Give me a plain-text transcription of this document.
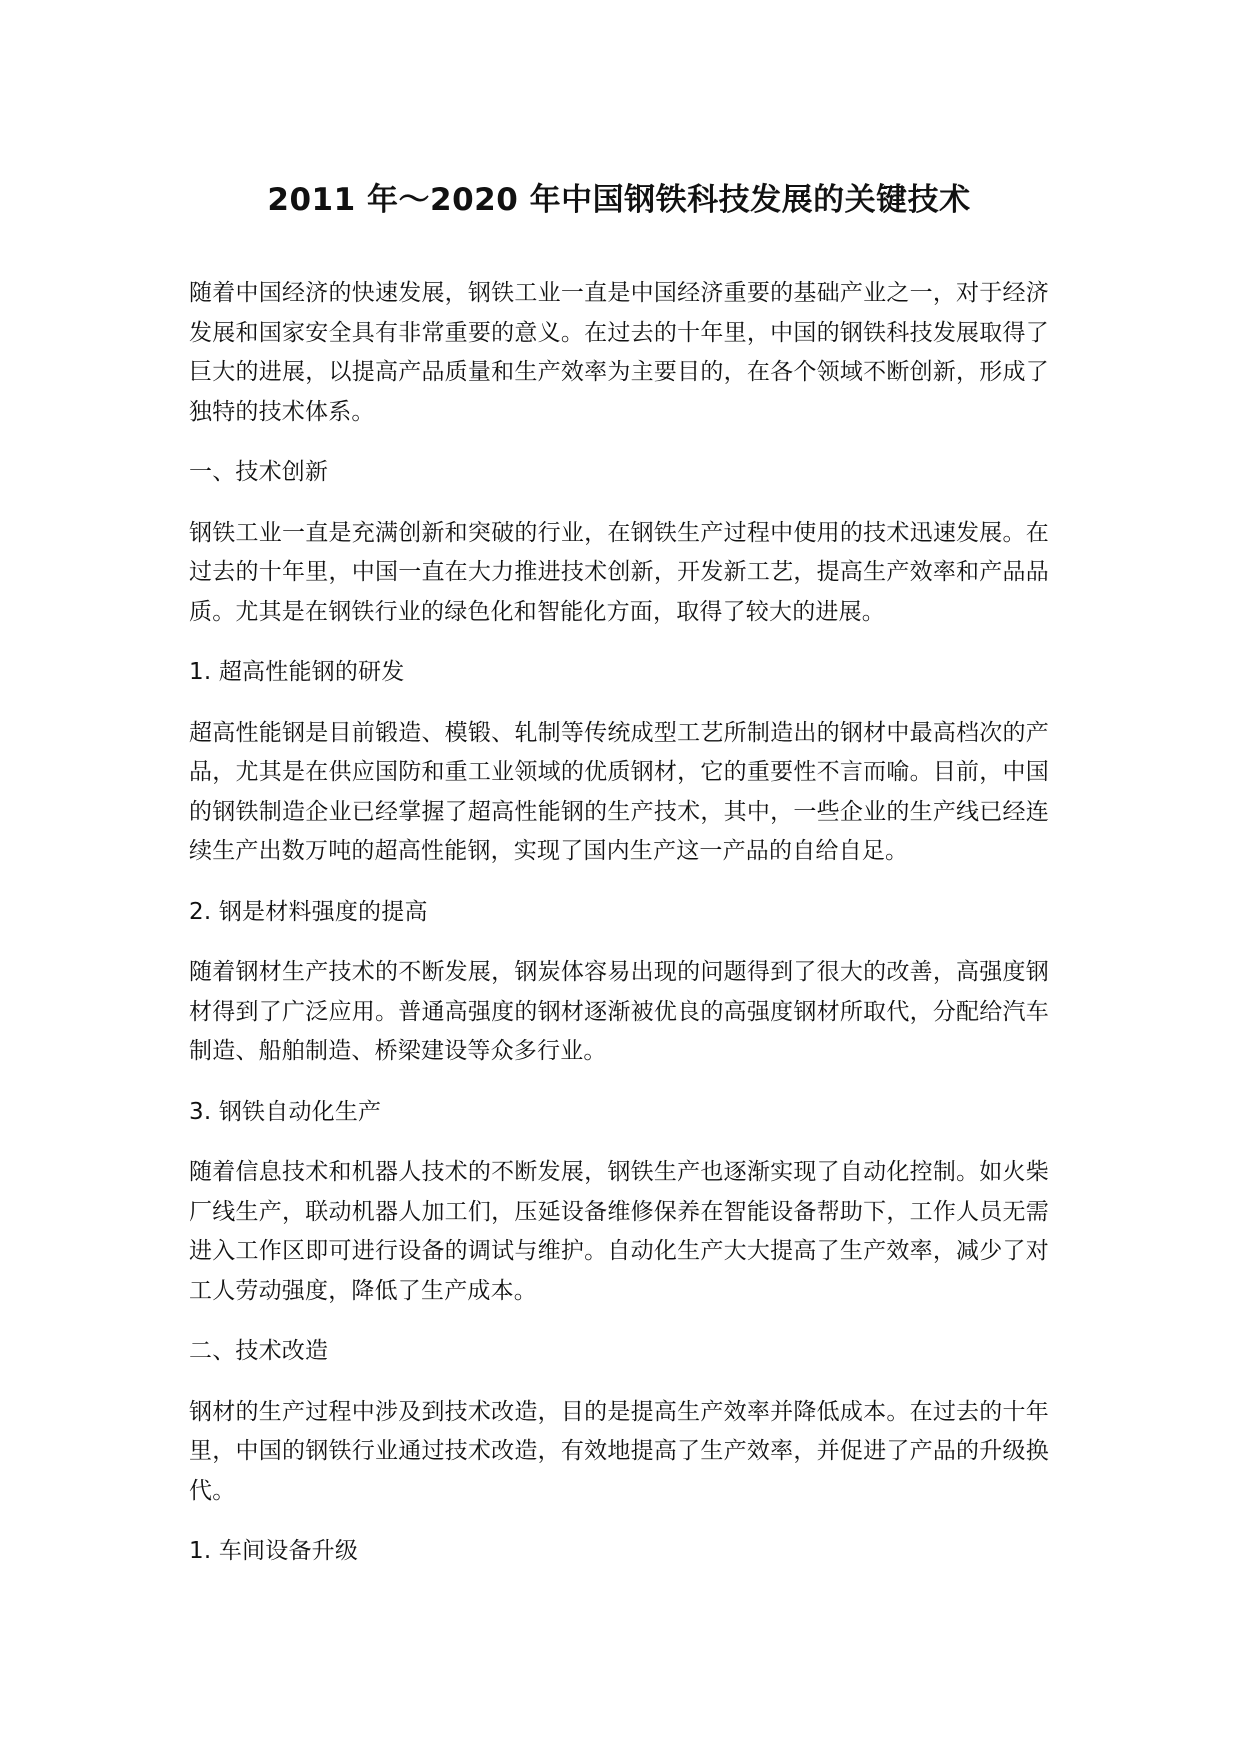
2011 年～2020 年中国钢铁科技发展的关键技术

随着中国经济的快速发展，钢铁工业一直是中国经济重要的基础产业之一，对于经济发展和国家安全具有非常重要的意义。在过去的十年里，中国的钢铁科技发展取得了巨大的进展，以提高产品质量和生产效率为主要目的，在各个领域不断创新，形成了独特的技术体系。

一、技术创新

钢铁工业一直是充满创新和突破的行业，在钢铁生产过程中使用的技术迅速发展。在过去的十年里，中国一直在大力推进技术创新，开发新工艺，提高生产效率和产品品质。尤其是在钢铁行业的绿色化和智能化方面，取得了较大的进展。

1. 超高性能钢的研发

超高性能钢是目前锻造、模锻、轧制等传统成型工艺所制造出的钢材中最高档次的产品，尤其是在供应国防和重工业领域的优质钢材，它的重要性不言而喻。目前，中国的钢铁制造企业已经掌握了超高性能钢的生产技术，其中，一些企业的生产线已经连续生产出数万吨的超高性能钢，实现了国内生产这一产品的自给自足。

2. 钢是材料强度的提高

随着钢材生产技术的不断发展，钢炭体容易出现的问题得到了很大的改善，高强度钢材得到了广泛应用。普通高强度的钢材逐渐被优良的高强度钢材所取代，分配给汽车制造、船舶制造、桥梁建设等众多行业。

3. 钢铁自动化生产

随着信息技术和机器人技术的不断发展，钢铁生产也逐渐实现了自动化控制。如火柴厂线生产，联动机器人加工们，压延设备维修保养在智能设备帮助下，工作人员无需进入工作区即可进行设备的调试与维护。自动化生产大大提高了生产效率，减少了对工人劳动强度，降低了生产成本。

二、技术改造

钢材的生产过程中涉及到技术改造，目的是提高生产效率并降低成本。在过去的十年里，中国的钢铁行业通过技术改造，有效地提高了生产效率，并促进了产品的升级换代。

1. 车间设备升级
